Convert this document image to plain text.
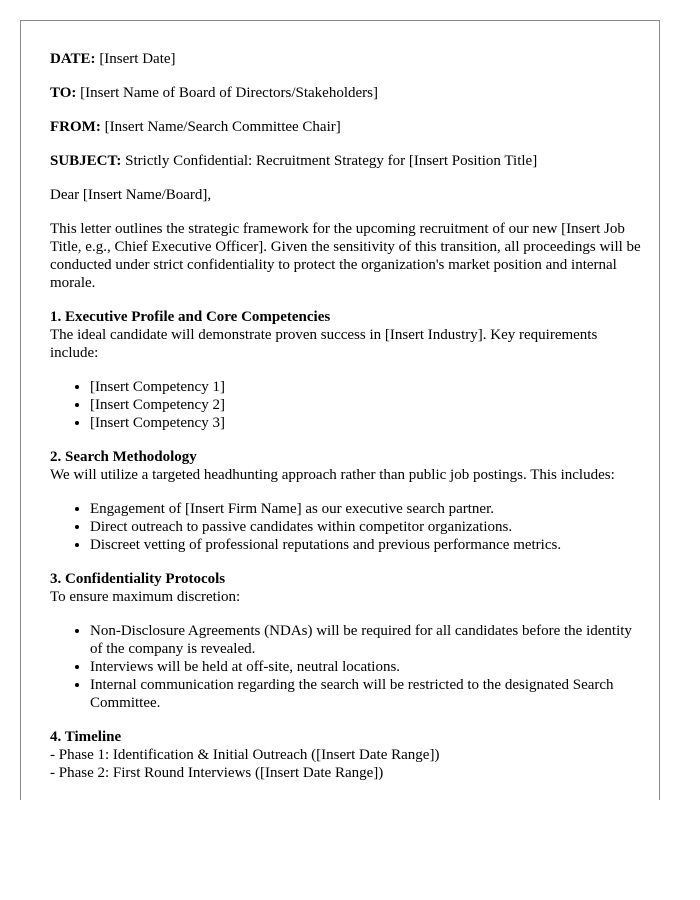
DATE: [Insert Date]

TO: [Insert Name of Board of Directors/Stakeholders]

FROM: [Insert Name/Search Committee Chair]

SUBJECT: Strictly Confidential: Recruitment Strategy for [Insert Position Title]

Dear [Insert Name/Board],

This letter outlines the strategic framework for the upcoming recruitment of our new [Insert Job Title, e.g., Chief Executive Officer]. Given the sensitivity of this transition, all proceedings will be conducted under strict confidentiality to protect the organization's market position and internal morale.

1. Executive Profile and Core Competencies
The ideal candidate will demonstrate proven success in [Insert Industry]. Key requirements include:
• [Insert Competency 1]
• [Insert Competency 2]
• [Insert Competency 3]
2. Search Methodology
We will utilize a targeted headhunting approach rather than public job postings. This includes:
• Engagement of [Insert Firm Name] as our executive search partner.
• Direct outreach to passive candidates within competitor organizations.
• Discreet vetting of professional reputations and previous performance metrics.
3. Confidentiality Protocols
To ensure maximum discretion:
• Non-Disclosure Agreements (NDAs) will be required for all candidates before the identity of the company is revealed.
• Interviews will be held at off-site, neutral locations.
• Internal communication regarding the search will be restricted to the designated Search Committee.
4. Timeline
- Phase 1: Identification & Initial Outreach ([Insert Date Range])
- Phase 2: First Round Interviews ([Insert Date Range])
